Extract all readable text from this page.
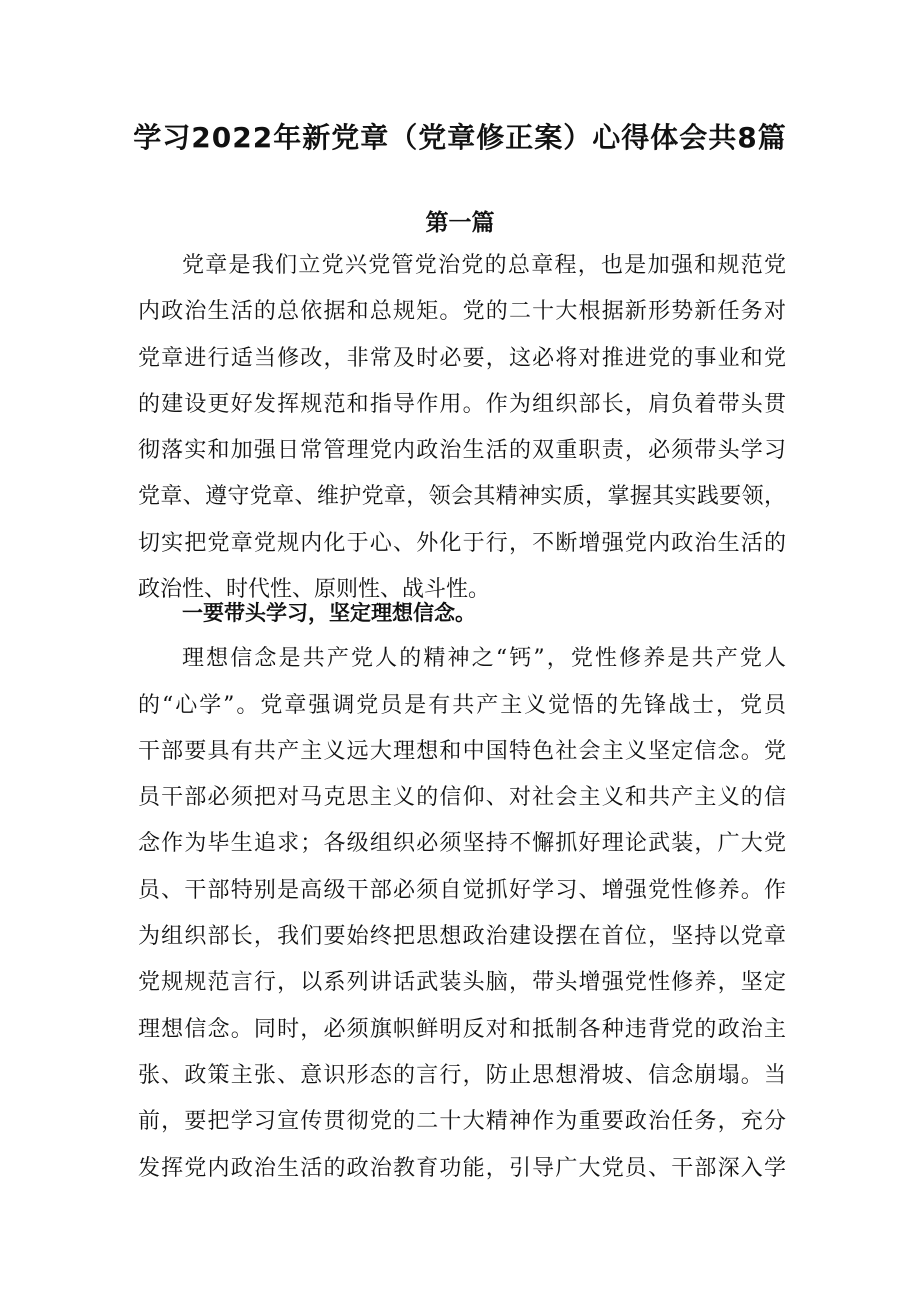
学习2022年新党章（党章修正案）心得体会共8篇
第一篇
党章是我们立党兴党管党治党的总章程，也是加强和规范党
内政治生活的总依据和总规矩。党的二十大根据新形势新任务对
党章进行适当修改，非常及时必要，这必将对推进党的事业和党
的建设更好发挥规范和指导作用。作为组织部长，肩负着带头贯
彻落实和加强日常管理党内政治生活的双重职责，必须带头学习
党章、遵守党章、维护党章，领会其精神实质，掌握其实践要领，
切实把党章党规内化于心、外化于行，不断增强党内政治生活的
政治性、时代性、原则性、战斗性。
一要带头学习，坚定理想信念。
理想信念是共产党人的精神之“钙”，党性修养是共产党人
的“心学”。党章强调党员是有共产主义觉悟的先锋战士，党员
干部要具有共产主义远大理想和中国特色社会主义坚定信念。党
员干部必须把对马克思主义的信仰、对社会主义和共产主义的信
念作为毕生追求；各级组织必须坚持不懈抓好理论武装，广大党
员、干部特别是高级干部必须自觉抓好学习、增强党性修养。作
为组织部长，我们要始终把思想政治建设摆在首位，坚持以党章
党规规范言行，以系列讲话武装头脑，带头增强党性修养，坚定
理想信念。同时，必须旗帜鲜明反对和抵制各种违背党的政治主
张、政策主张、意识形态的言行，防止思想滑坡、信念崩塌。当
前，要把学习宣传贯彻党的二十大精神作为重要政治任务，充分
发挥党内政治生活的政治教育功能，引导广大党员、干部深入学
